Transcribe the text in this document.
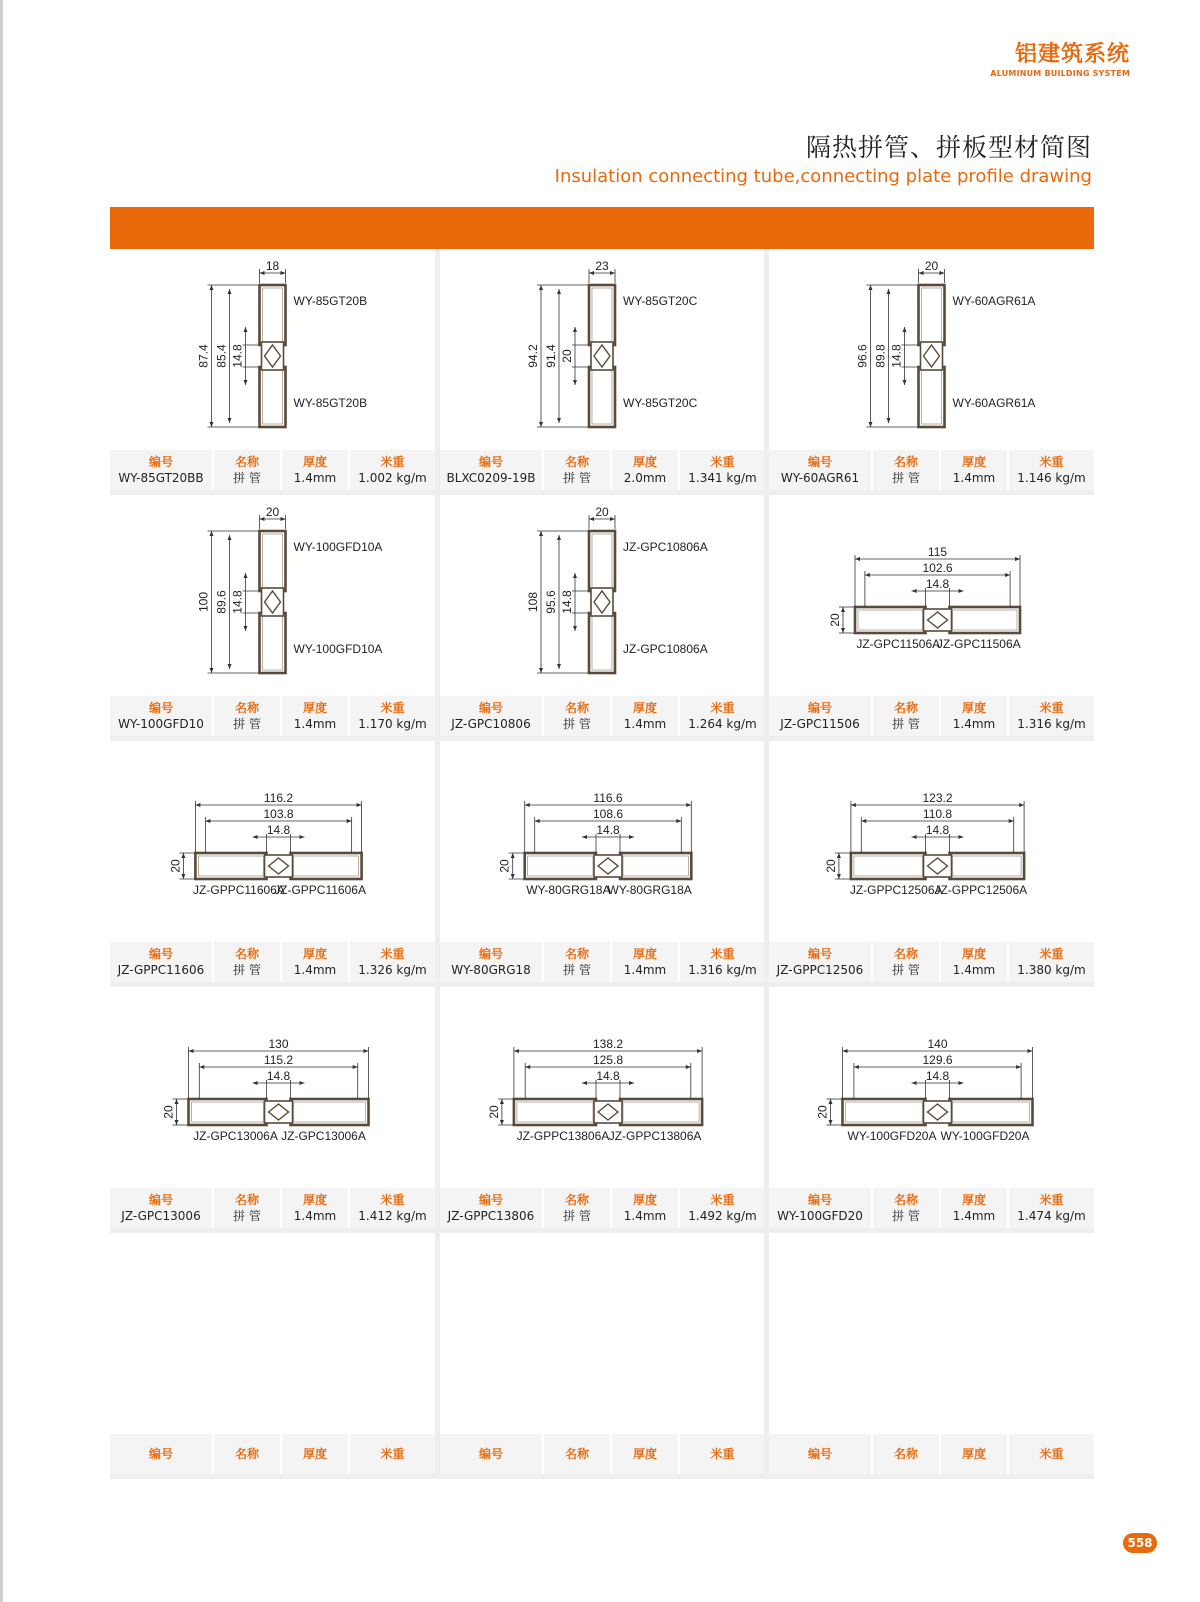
铝建筑系统
ALUMINUM BUILDING SYSTEM
隔热拼管、拼板型材简图
Insulation connecting tube,connecting plate profile drawing
18
87.4 85.4 14.8
WY-85GT20B
WY-85GT20B
编号
WY-85GT20BB
名称
拼 管
厚度
1.4mm
米重
1.002 kg/m
23
94.2 91.4 20
WY-85GT20C
WY-85GT20C
编号
BLXC0209-19B
名称
拼 管
厚度
2.0mm
米重
1.341 kg/m
20
96.6 89.8 14.8
WY-60AGR61A
WY-60AGR61A
编号
WY-60AGR61
名称
拼 管
厚度
1.4mm
米重
1.146 kg/m
20
100 89.6 14.8
WY-100GFD10A
WY-100GFD10A
编号
WY-100GFD10
名称
拼 管
厚度
1.4mm
米重
1.170 kg/m
20
108 95.6 14.8
JZ-GPC10806A
JZ-GPC10806A
编号
JZ-GPC10806
名称
拼 管
厚度
1.4mm
米重
1.264 kg/m
115
102.6
14.8
20
JZ-GPC11506A
JZ-GPC11506A
编号
JZ-GPC11506
名称
拼 管
厚度
1.4mm
米重
1.316 kg/m
116.2
103.8
14.8
20
JZ-GPPC11606A
JZ-GPPC11606A
编号
JZ-GPPC11606
名称
拼 管
厚度
1.4mm
米重
1.326 kg/m
116.6
108.6
14.8
20
WY-80GRG18A
WY-80GRG18A
编号
WY-80GRG18
名称
拼 管
厚度
1.4mm
米重
1.316 kg/m
123.2
110.8
14.8
20
JZ-GPPC12506A
JZ-GPPC12506A
编号
JZ-GPPC12506
名称
拼 管
厚度
1.4mm
米重
1.380 kg/m
130
115.2
14.8
20
JZ-GPC13006A JZ-GPC13006A
编号
JZ-GPC13006
名称
拼 管
厚度
1.4mm
米重
1.412 kg/m
138.2
125.8
14.8
20
JZ-GPPC13806A JZ-GPPC13806A
编号
JZ-GPPC13806
名称
拼 管
厚度
1.4mm
米重
1.492 kg/m
140
129.6
14.8
20
WY-100GFD20A WY-100GFD20A
编号
WY-100GFD20
名称
拼 管
厚度
1.4mm
米重
1.474 kg/m
编号	名称	厚度	米重	编号	名称	厚度	米重	编号	名称	厚度	米重
558
